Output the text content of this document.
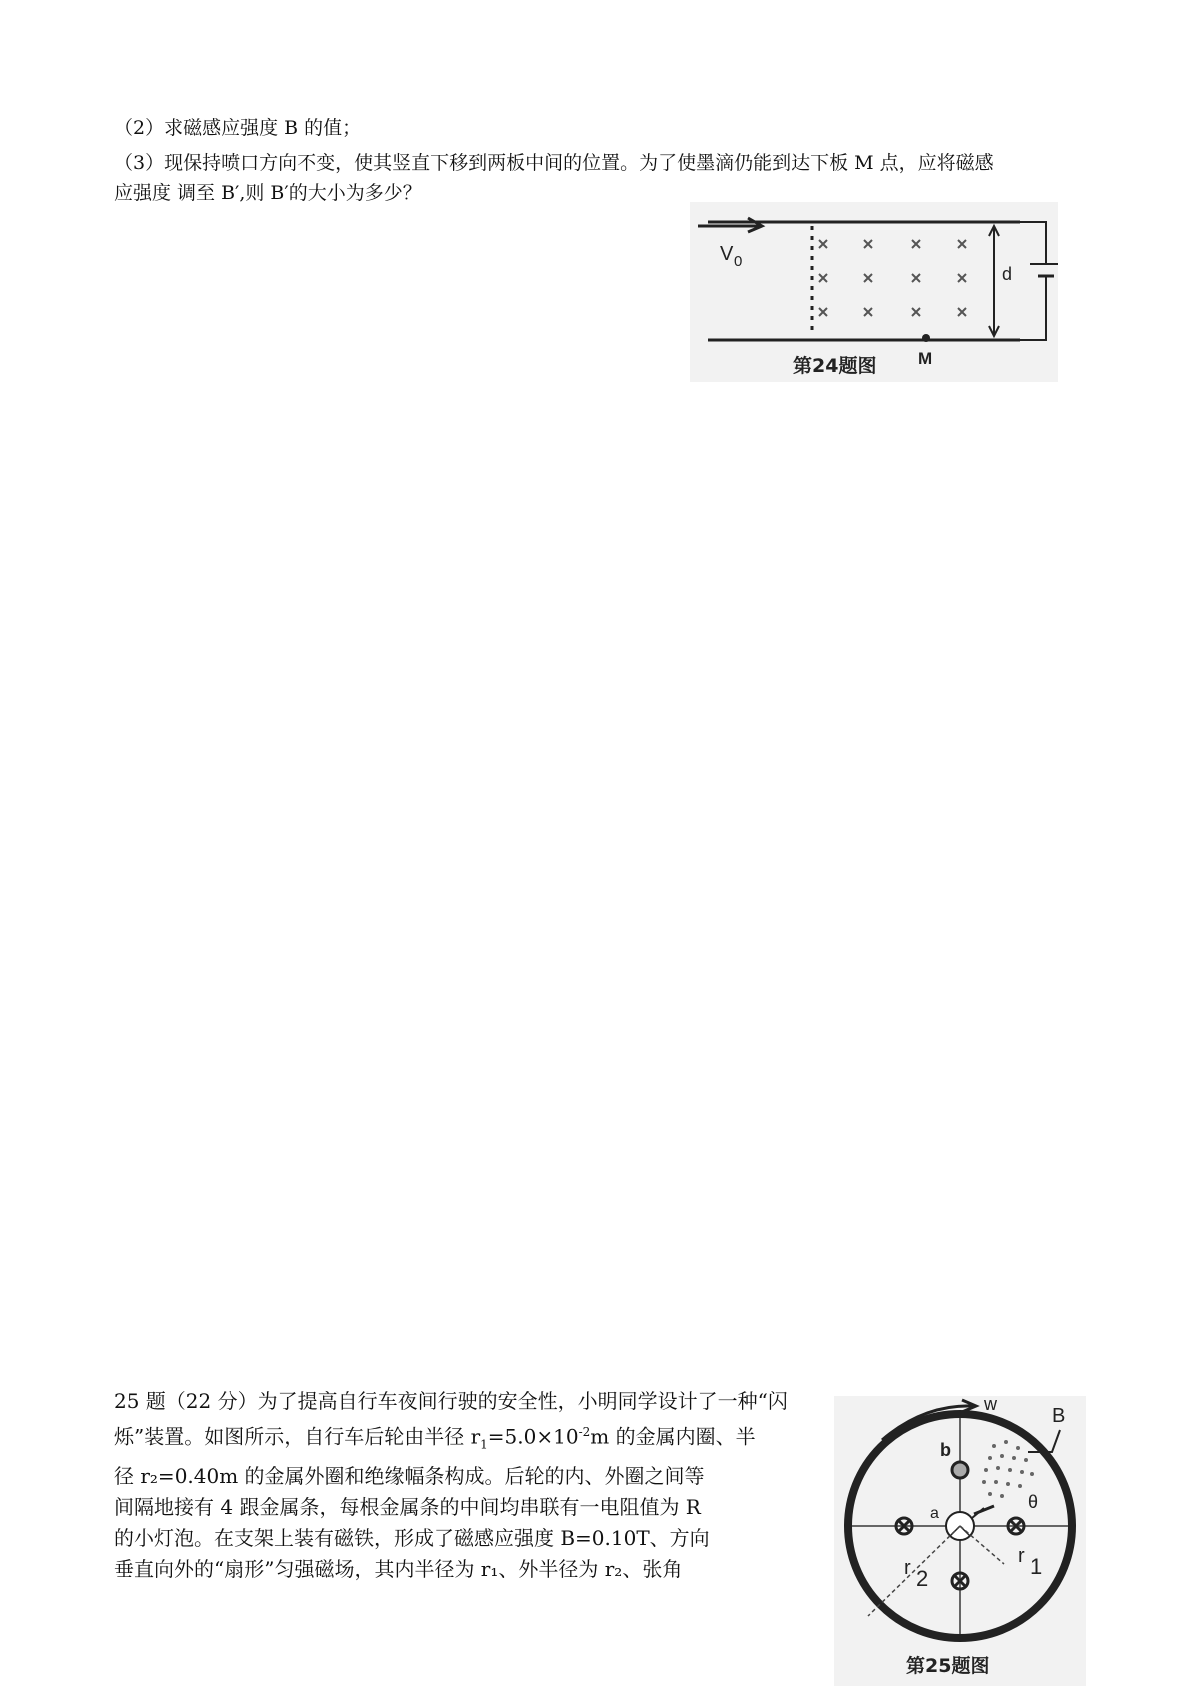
（2）求磁感应强度 B 的值；
（3）现保持喷口方向不变，使其竖直下移到两板中间的位置。为了使墨滴仍能到达下板 M 点，应将磁感
应强度 调至 B′,则 B′的大小为多少？
V 0
d
M
第24题图
25 题（22 分）为了提高自行车夜间行驶的安全性，小明同学设计了一种“闪
烁”装置。如图所示，自行车后轮由半径 $r_1=5.0\times 10^{-2}m$ 的金属内圈、半
径 r₂=0.40m 的金属外圈和绝缘幅条构成。后轮的内、外圈之间等
间隔地接有 4 跟金属条，每根金属条的中间均串联有一电阻值为 R
的小灯泡。在支架上装有磁铁，形成了磁感应强度 B=0.10T、方向
垂直向外的“扇形”匀强磁场，其内半径为 r₁、外半径为 r₂、张角
w
B
b
a
θ
r 2
r 1
第25题图
